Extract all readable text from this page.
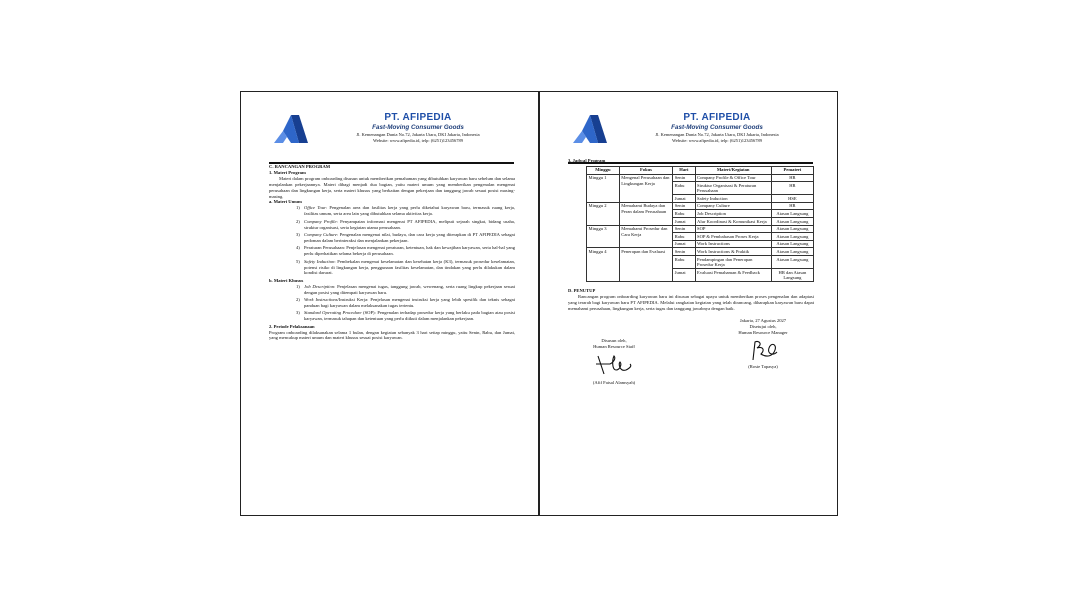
PT. AFIPEDIA
Fast-Moving Consumer Goods
Jl. Kemenangan Dunia No.72, Jakarta Utara, DKI Jakarta, Indonesia
Website: www.afipedia.id, telp: (6251)123456789

C. RANCANGAN PROGRAM

1. Materi Program

Materi dalam program onboarding disusun untuk memberikan pemahaman yang dibutuhkan karyawan baru sebelum dan selama menjalankan pekerjaannya. Materi dibagi menjadi dua bagian, yaitu materi umum yang memberikan pengenalan mengenai perusahaan dan lingkungan kerja, serta materi khusus yang berkaitan dengan pekerjaan dan tanggung jawab sesuai posisi masing-masing.

a. Materi Umum

1) Office Tour: Pengenalan area dan fasilitas kerja yang perlu diketahui karyawan baru, termasuk ruang kerja, fasilitas umum, serta area lain yang dibutuhkan selama aktivitas kerja.
2) Company Profile: Penyampaian informasi mengenai PT AFIPEDIA, meliputi sejarah singkat, bidang usaha, struktur organisasi, serta kegiatan utama perusahaan.
3) Company Culture: Pengenalan mengenai nilai, budaya, dan cara kerja yang diterapkan di PT AFIPEDIA sebagai pedoman dalam berinteraksi dan menjalankan pekerjaan.
4) Peraturan Perusahaan: Penjelasan mengenai peraturan, ketentuan, hak dan kewajiban karyawan, serta hal-hal yang perlu diperhatikan selama bekerja di perusahaan.
5) Safety Induction: Pembekalan mengenai keselamatan dan kesehatan kerja (K3), termasuk prosedur keselamatan, potensi risiko di lingkungan kerja, penggunaan fasilitas keselamatan, dan tindakan yang perlu dilakukan dalam kondisi darurat.

b. Materi Khusus

1) Job Description: Penjelasan mengenai tugas, tanggung jawab, wewenang, serta ruang lingkup pekerjaan sesuai dengan posisi yang ditempati karyawan baru.
2) Work Instructions/Instruksi Kerja: Penjelasan mengenai instruksi kerja yang lebih spesifik dan teknis sebagai panduan bagi karyawan dalam melaksanakan tugas tertentu.
3) Standard Operating Procedure (SOP): Pengenalan terhadap prosedur kerja yang berlaku pada bagian atau posisi karyawan, termasuk tahapan dan ketentuan yang perlu diikuti dalam menjalankan pekerjaan.

2. Periode Pelaksanaan

Program onboarding dilaksanakan selama 1 bulan, dengan kegiatan sebanyak 3 hari setiap minggu, yaitu Senin, Rabu, dan Jumat, yang mencakup materi umum dan materi khusus sesuai posisi karyawan.

PT. AFIPEDIA
Fast-Moving Consumer Goods
Jl. Kemenangan Dunia No.72, Jakarta Utara, DKI Jakarta, Indonesia
Website: www.afipedia.id, telp: (6251)123456789

3. Jadwal Program

Minggu	Fokus	Hari	Materi/Kegiatan	Pemateri
Minggu 1	Mengenal Perusahaan dan Lingkungan Kerja	Senin	Company Profile & Office Tour	HR
		Rabu	Struktur Organisasi & Peraturan Perusahaan	HR
		Jumat	Safety Induction	HSE
Minggu 2	Memahami Budaya dan Peran dalam Perusahaan	Senin	Company Culture	HR
		Rabu	Job Description	Atasan Langsung
		Jumat	Alur Koordinasi & Komunikasi Kerja	Atasan Langsung
Minggu 3	Memahami Prosedur dan Cara Kerja	Senin	SOP	Atasan Langsung
		Rabu	SOP & Pembahasan Proses Kerja	Atasan Langsung
		Jumat	Work Instructions	Atasan Langsung
Minggu 4	Penerapan dan Evaluasi	Senin	Work Instructions & Praktik	Atasan Langsung
		Rabu	Pendampingan dan Penerapan Prosedur Kerja	Atasan Langsung
		Jumat	Evaluasi Pemahaman & Feedback	HR dan Atasan Langsung

D. PENUTUP

Rancangan program onboarding karyawan baru ini disusun sebagai upaya untuk memberikan proses pengenalan dan adaptasi yang terarah bagi karyawan baru PT AFIPEDIA. Melalui rangkaian kegiatan yang telah dirancang, diharapkan karyawan baru dapat memahami perusahaan, lingkungan kerja, serta tugas dan tanggung jawabnya dengan baik.

Disusun oleh,
Human Resource Staff
(Afif Faisal Alamsyah)
Jakarta, 27 Agustus 2027
Disetujui oleh,
Human Resource Manager
(Rosie Tapasya)
